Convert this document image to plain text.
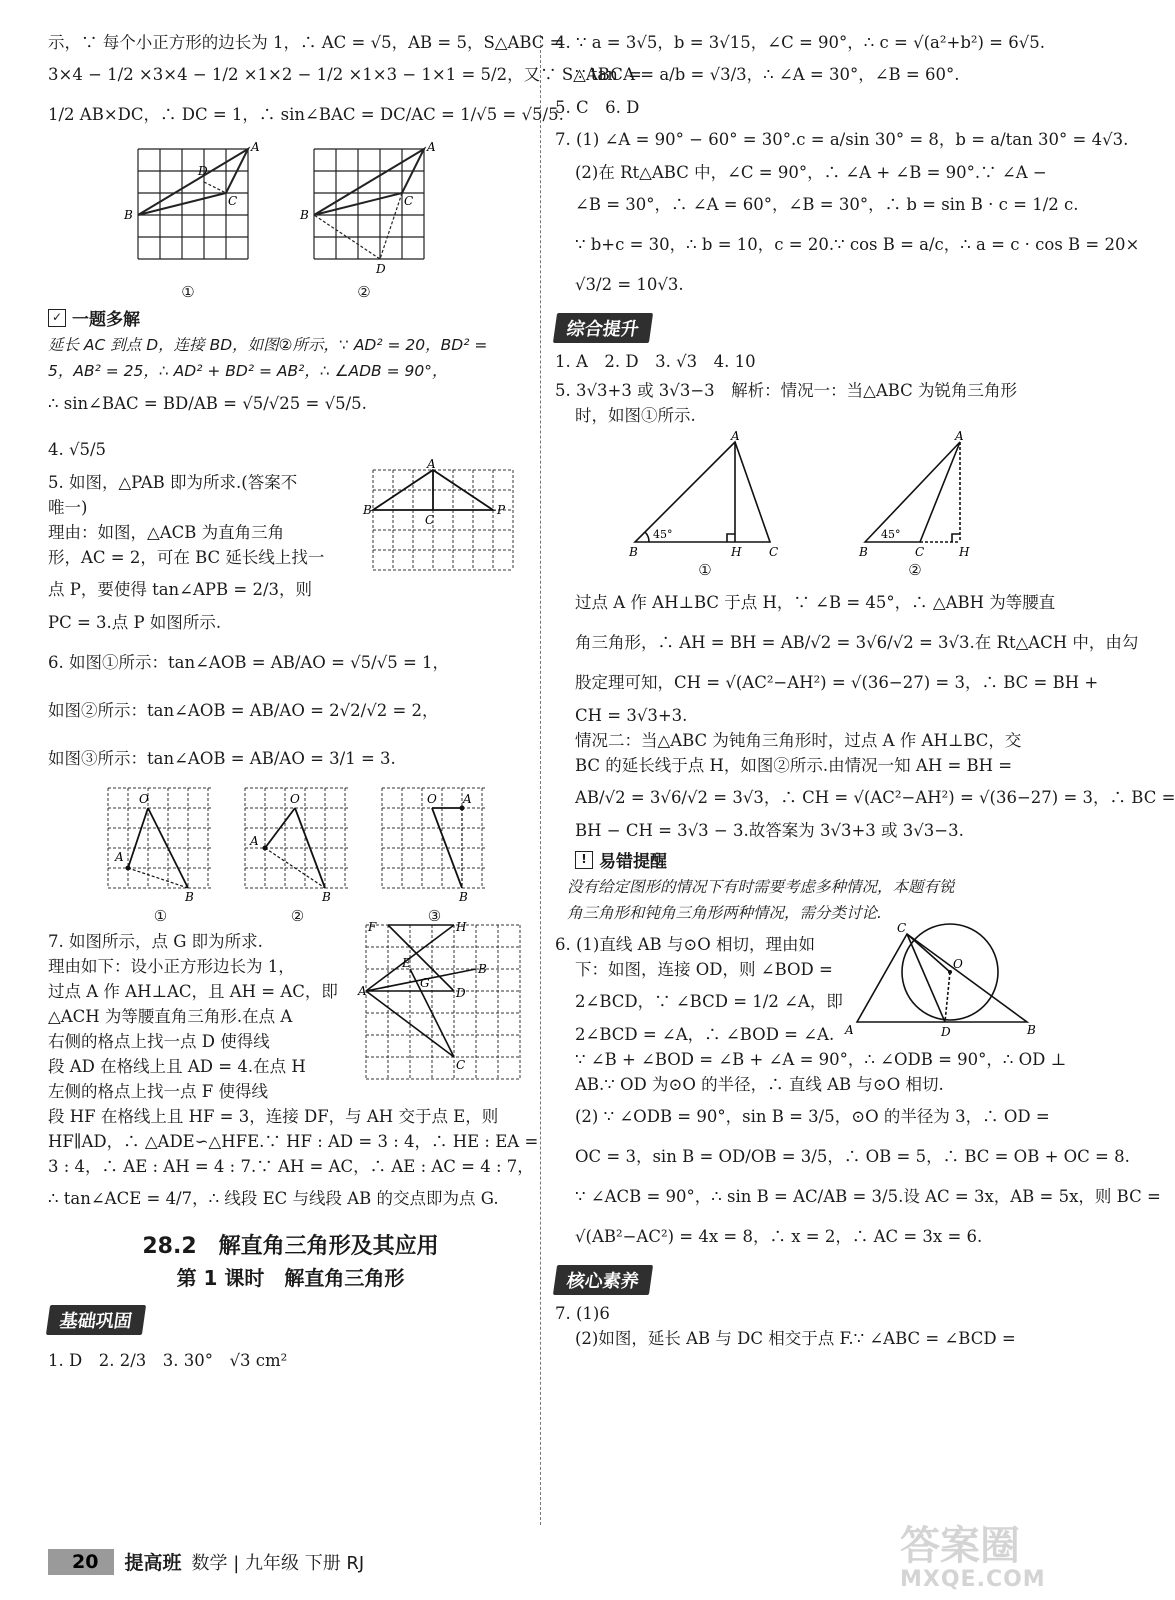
示，∵ 每个小正方形的边长为 1，∴ AC = √5，AB = 5，S△ABC =

3×4 − 1/2 ×3×4 − 1/2 ×1×2 − 1/2 ×1×3 − 1×1 = 5/2，又∵ S△ABC =

1/2 AB×DC，∴ DC = 1，∴ sin∠BAC = DC/AC = 1/√5 = √5/5.

A
B
C
D
①
A
B
C
D
②
✓ 一题多解

延长 AC 到点 D，连接 BD，如图②所示，∵ AD² = 20，BD² =

5，AB² = 25，∴ AD² + BD² = AB²，∴ ∠ADB = 90°，

∴ sin∠BAC = BD/AB = √5/√25 = √5/5.

4. √5/5

5. 如图，△PAB 即为所求.(答案不

唯一)

理由：如图，△ACB 为直角三角

形，AC = 2，可在 BC 延长线上找一

点 P，要使得 tan∠APB = 2/3，则

PC = 3.点 P 如图所示.

A
B
C
P

6. 如图①所示：tan∠AOB = AB/AO = √5/√5 = 1，

如图②所示：tan∠AOB = AB/AO = 2√2/√2 = 2，

如图③所示：tan∠AOB = AB/AO = 3/1 = 3.

O
A
B
①
O
A
B
②
O A
B
③

7. 如图所示，点 G 即为所求.

理由如下：设小正方形边长为 1，

过点 A 作 AH⊥AC，且 AH = AC，即

△ACH 为等腰直角三角形.在点 A

右侧的格点上找一点 D 使得线

段 AD 在格线上且 AD = 4.在点 H

左侧的格点上找一点 F 使得线

段 HF 在格线上且 HF = 3，连接 DF，与 AH 交于点 E，则

HF∥AD，∴ △ADE∽△HFE.∵ HF : AD = 3 : 4，∴ HE : EA =

3 : 4，∴ AE : AH = 4 : 7.∵ AH = AC，∴ AE : AC = 4 : 7，

∴ tan∠ACE = 4/7，∴ 线段 EC 与线段 AB 的交点即为点 G.

F	H
A
E
G
D
B
C
28.2　解直角三角形及其应用
第 1 课时　解直角三角形
基础巩固

1. D　2. 2/3　3. 30°　√3 cm²

4. ∵ a = 3√5，b = 3√15，∠C = 90°，∴ c = √(a²+b²) = 6√5.

∵ tan A = a/b = √3/3，∴ ∠A = 30°，∠B = 60°.

5. C　6. D

7. (1) ∠A = 90° − 60° = 30°.c = a/sin 30° = 8，b = a/tan 30° = 4√3.

(2)在 Rt△ABC 中，∠C = 90°，∴ ∠A + ∠B = 90°.∵ ∠A −

∠B = 30°，∴ ∠A = 60°，∠B = 30°，∴ b = sin B · c = 1/2 c.

∵ b+c = 30，∴ b = 10，c = 20.∵ cos B = a/c，∴ a = c · cos B = 20×

√3/2 = 10√3.

综合提升

1. A　2. D　3. √3　4. 10

5. 3√3+3 或 3√3−3　解析：情况一：当△ABC 为锐角三角形

时，如图①所示.

A
B	H C
45°
①
A
B	C	H
45°
②

过点 A 作 AH⊥BC 于点 H，∵ ∠B = 45°，∴ △ABH 为等腰直

角三角形，∴ AH = BH = AB/√2 = 3√6/√2 = 3√3.在 Rt△ACH 中，由勾

股定理可知，CH = √(AC²−AH²) = √(36−27) = 3，∴ BC = BH +

CH = 3√3+3.

情况二：当△ABC 为钝角三角形时，过点 A 作 AH⊥BC，交

BC 的延长线于点 H，如图②所示.由情况一知 AH = BH =

AB/√2 = 3√6/√2 = 3√3，∴ CH = √(AC²−AH²) = √(36−27) = 3，∴ BC =

BH − CH = 3√3 − 3.故答案为 3√3+3 或 3√3−3.

! 易错提醒

没有给定图形的情况下有时需要考虑多种情况，本题有锐

角三角形和钝角三角形两种情况，需分类讨论.

6. (1)直线 AB 与⊙O 相切，理由如

下：如图，连接 OD，则 ∠BOD =

2∠BCD，∵ ∠BCD = 1/2 ∠A，即

2∠BCD = ∠A，∴ ∠BOD = ∠A.

∵ ∠B + ∠BOD = ∠B + ∠A = 90°，∴ ∠ODB = 90°，∴ OD ⊥

AB.∵ OD 为⊙O 的半径，∴ 直线 AB 与⊙O 相切.

(2) ∵ ∠ODB = 90°，sin B = 3/5，⊙O 的半径为 3，∴ OD =

OC = 3，sin B = OD/OB = 3/5，∴ OB = 5，∴ BC = OB + OC = 8.

∵ ∠ACB = 90°，∴ sin B = AC/AB = 3/5.设 AC = 3x，AB = 5x，则 BC =

√(AB²−AC²) = 4x = 8，∴ x = 2，∴ AC = 3x = 6.

C
O
A	D	B
核心素养

7. (1)6

(2)如图，延长 AB 与 DC 相交于点 F.∵ ∠ABC = ∠BCD =

20	提高班 数学 | 九年级 下册 RJ	答案圈
MXQE.COM
